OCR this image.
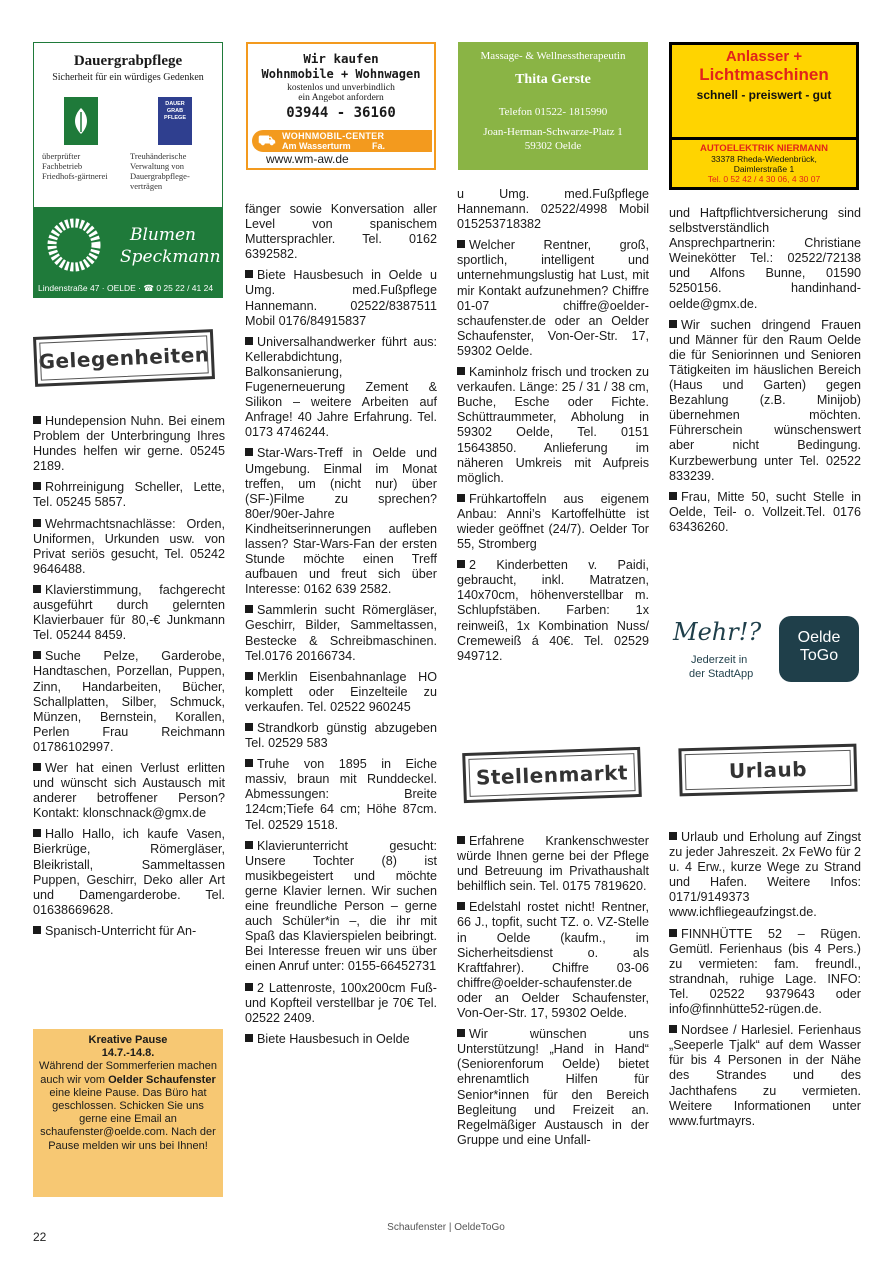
Dauergrabpflege
Sicherheit für ein würdiges Gedenken
DAUER GRAB PFLEGE
überprüfter Fachbetrieb Friedhofs-gärtnerei
Treuhänderische Verwaltung von Dauergrabpflege-verträgen
Blumen
Speckmann
Lindenstraße 47 · OELDE · ☎ 0 25 22 / 41 24
Wir kaufen
Wohnmobile + Wohnwagen
kostenlos und unverbindlich
ein Angebot anfordern
03944 - 36160
⛟ WOHNMOBIL-CENTER
Am Wasserturm Fa.
www.wm-aw.de
Massage- & Wellnesstherapeutin
Thita Gerste
Telefon 01522- 1815990
Joan-Herman-Schwarze-Platz 1
59302 Oelde
Anlasser +
Lichtmaschinen
schnell - preiswert - gut
AUTOELEKTRIK NIERMANN
33378 Rheda-Wiedenbrück,
Daimlerstraße 1
Tel. 0 52 42 / 4 30 06, 4 30 07
Gelegenheiten
Hundepension Nuhn. Bei einem Problem der Unterbringung Ihres Hundes helfen wir gerne. 05245 2189.
Rohrreinigung Scheller, Lette, Tel. 05245 5857.
Wehrmachtsnachlässe: Orden, Uniformen, Urkunden usw. von Privat seriös gesucht, Tel. 05242 9646488.
Klavierstimmung, fachgerecht ausgeführt durch gelernten Klavierbauer für 80,-€ Junkmann Tel. 05244 8459.
Suche Pelze, Garderobe, Handtaschen, Porzellan, Puppen, Zinn, Handarbeiten, Bücher, Schallplatten, Silber, Schmuck, Münzen, Bernstein, Korallen, Perlen Frau Reichmann 01786102997.
Wer hat einen Verlust erlitten und wünscht sich Austausch mit anderer betroffener Person? Kontakt: klonschnack@gmx.de
Hallo Hallo, ich kaufe Vasen, Bierkrüge, Römergläser, Bleikristall, Sammeltassen Puppen, Geschirr, Deko aller Art und Damengarderobe. Tel. 01638669628.
Spanisch-Unterricht für An-
Kreative Pause
14.7.-14.8.
Während der Sommerferien machen auch wir vom Oelder Schaufenster eine kleine Pause. Das Büro hat geschlossen. Schicken Sie uns gerne eine Email an schaufenster@oelde.com. Nach der Pause melden wir uns bei Ihnen!
fänger sowie Konversation aller Level von spanischem Muttersprachler. Tel. 0162 6392582.
Biete Hausbesuch in Oelde u Umg. med.Fußpflege Hannemann. 02522/8387511 Mobil 0176/84915837
Universalhandwerker führt aus: Kellerabdichtung, Balkonsanierung, Fugenerneuerung Zement & Silikon – weitere Arbeiten auf Anfrage! 40 Jahre Erfahrung. Tel. 0173 4746244.
Star-Wars-Treff in Oelde und Umgebung. Einmal im Monat treffen, um (nicht nur) über (SF-)Filme zu sprechen? 80er/90er-Jahre Kindheitserinnerungen aufleben lassen? Star-Wars-Fan der ersten Stunde möchte einen Treff aufbauen und freut sich über Interesse: 0162 639 2582.
Sammlerin sucht Römergläser, Geschirr, Bilder, Sammeltassen, Bestecke & Schreibmaschinen. Tel.0176 20166734.
Merklin Eisenbahnanlage HO komplett oder Einzelteile zu verkaufen. Tel. 02522 960245
Strandkorb günstig abzugeben Tel. 02529 583
Truhe von 1895 in Eiche massiv, braun mit Runddeckel. Abmessungen: Breite 124cm;Tiefe 64 cm; Höhe 87cm. Tel. 02529 1518.
Klavierunterricht gesucht: Unsere Tochter (8) ist musikbegeistert und möchte gerne Klavier lernen. Wir suchen eine freundliche Person – gerne auch Schüler*in –, die ihr mit Spaß das Klavierspielen beibringt. Bei Interesse freuen wir uns über einen Anruf unter: 0155-66452731
2 Lattenroste, 100x200cm Fuß- und Kopfteil verstellbar je 70€ Tel. 02522 2409.
Biete Hausbesuch in Oelde
u Umg. med.Fußpflege Hannemann. 02522/4998 Mobil 015253718382
Welcher Rentner, groß, sportlich, intelligent und unternehmungslustig hat Lust, mit mir Kontakt aufzunehmen? Chiffre 01-07 chiffre@oelder-schaufenster.de oder an Oelder Schaufenster, Von-Oer-Str. 17, 59302 Oelde.
Kaminholz frisch und trocken zu verkaufen. Länge: 25 / 31 / 38 cm, Buche, Esche oder Fichte. Schüttraummeter, Abholung in 59302 Oelde, Tel. 0151 15643850. Anlieferung im näheren Umkreis mit Aufpreis möglich.
Frühkartoffeln aus eigenem Anbau: Anni’s Kartoffelhütte ist wieder geöffnet (24/7). Oelder Tor 55, Stromberg
2 Kinderbetten v. Paidi, gebraucht, inkl. Matratzen, 140x70cm, höhenverstellbar m. Schlupfstäben. Farben: 1x reinweiß, 1x Kombination Nuss/ Cremeweiß á 40€. Tel. 02529 949712.
Stellenmarkt
Erfahrene Krankenschwester würde Ihnen gerne bei der Pflege und Betreuung im Privathaushalt behilflich sein. Tel. 0175 7819620.
Edelstahl rostet nicht! Rentner, 66 J., topfit, sucht TZ. o. VZ-Stelle in Oelde (kaufm., im Sicherheitsdienst o. als Kraftfahrer). Chiffre 03-06 chiffre@oelder-schaufenster.de oder an Oelder Schaufenster, Von-Oer-Str. 17, 59302 Oelde.
Wir wünschen uns Unterstützung! „Hand in Hand“ (Seniorenforum Oelde) bietet ehrenamtlich Hilfen für Senior*innen für den Bereich Begleitung und Freizeit an. Regelmäßiger Austausch in der Gruppe und eine Unfall-
und Haftpflichtversicherung sind selbstverständlich Ansprechpartnerin: Christiane Weinekötter Tel.: 02522/72138 und Alfons Bunne, 01590 5250156. handinhand-oelde@gmx.de.
Wir suchen dringend Frauen und Männer für den Raum Oelde die für Seniorinnen und Senioren Tätigkeiten im häuslichen Bereich (Haus und Garten) gegen Bezahlung (z.B. Minijob) übernehmen möchten. Führerschein wünschenswert aber nicht Bedingung. Kurzbewerbung unter Tel. 02522 833239.
Frau, Mitte 50, sucht Stelle in Oelde, Teil- o. Vollzeit.Tel. 0176 63436260.
Mehr!?
Jederzeit in
der StadtApp
Oelde
ToGo
Urlaub
Urlaub und Erholung auf Zingst zu jeder Jahreszeit. 2x FeWo für 2 u. 4 Erw., kurze Wege zu Strand und Hafen. Weitere Infos: 0171/9149373 www.ichfliegeaufzingst.de.
FINNHÜTTE 52 – Rügen. Gemütl. Ferienhaus (bis 4 Pers.) zu vermieten: fam. freundl., strandnah, ruhige Lage. INFO: Tel. 02522 9379643 oder info@finnhütte52-rügen.de.
Nordsee / Harlesiel. Ferienhaus „Seeperle Tjalk“ auf dem Wasser für bis 4 Personen in der Nähe des Strandes und des Jachthafens zu vermieten. Weitere Informationen unter www.furtmayrs.
22
Schaufenster | OeldeToGo
